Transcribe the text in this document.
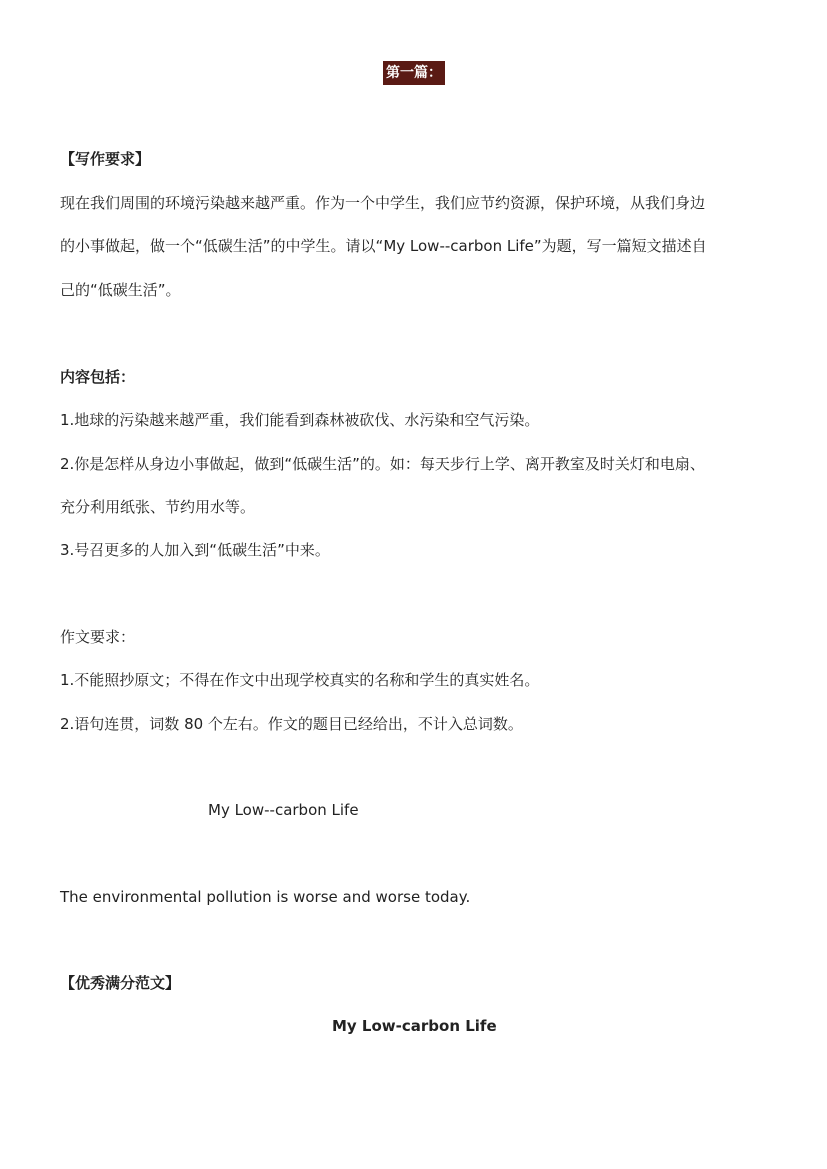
第一篇：
【写作要求】
现在我们周围的环境污染越来越严重。作为一个中学生，我们应节约资源，保护环境，从我们身边
的小事做起，做一个“低碳生活”的中学生。请以“My Low--carbon Life”为题，写一篇短文描述自
己的“低碳生活”。
内容包括：
1.地球的污染越来越严重，我们能看到森林被砍伐、水污染和空气污染。
2.你是怎样从身边小事做起，做到“低碳生活”的。如：每天步行上学、离开教室及时关灯和电扇、
充分利用纸张、节约用水等。
3.号召更多的人加入到“低碳生活”中来。
作文要求：
1.不能照抄原文；不得在作文中出现学校真实的名称和学生的真实姓名。
2.语句连贯，词数 80 个左右。作文的题目已经给出，不计入总词数。
My Low--carbon Life
The environmental pollution is worse and worse today.
【优秀满分范文】
My Low-carbon Life
